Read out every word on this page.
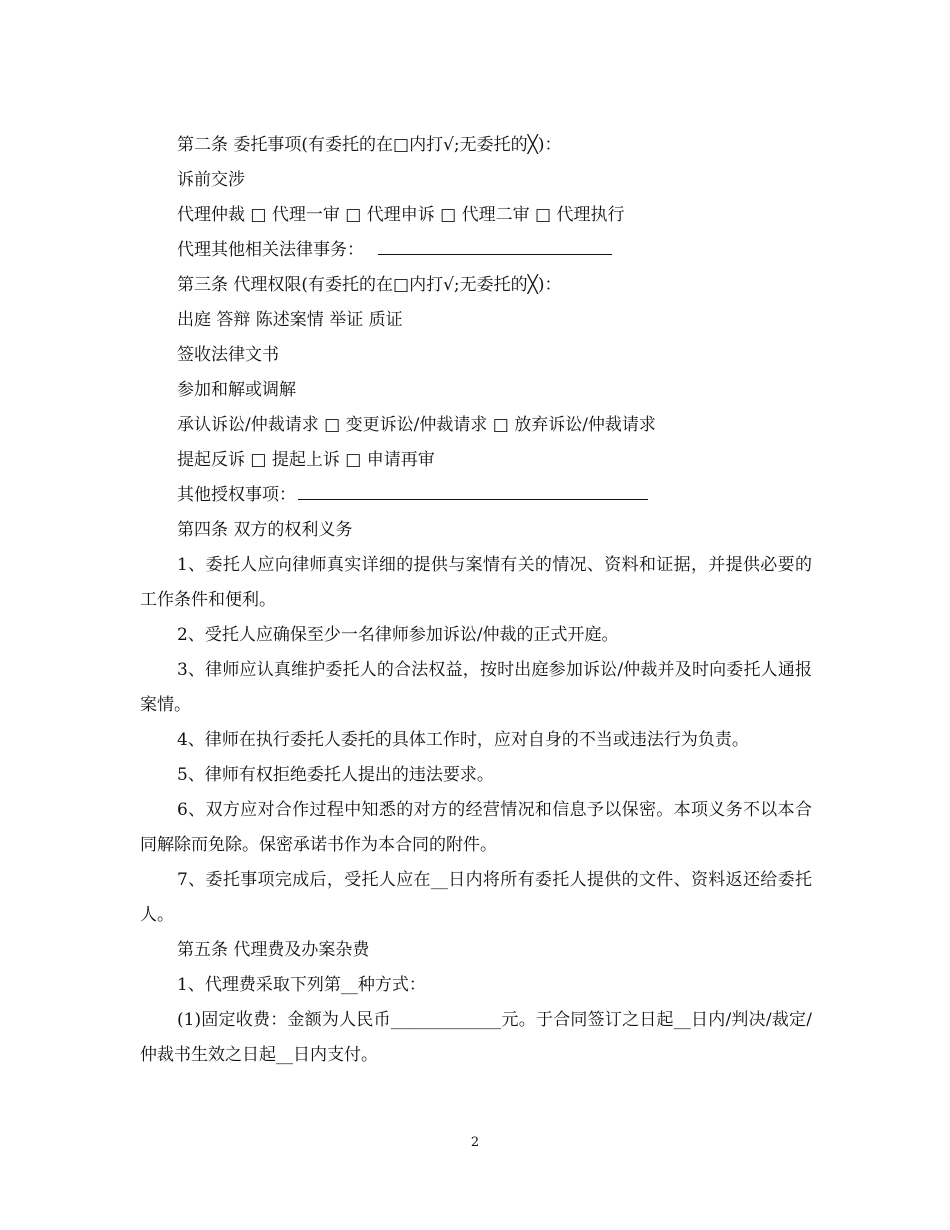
第二条 委托事项(有委托的在□内打√;无委托的╳)：
诉前交涉
代理仲裁 □ 代理一审 □ 代理申诉 □ 代理二审 □ 代理执行
代理其他相关法律事务：
第三条 代理权限(有委托的在□内打√;无委托的╳)：
出庭 答辩 陈述案情 举证 质证
签收法律文书
参加和解或调解
承认诉讼/仲裁请求 □ 变更诉讼/仲裁请求 □ 放弃诉讼/仲裁请求
提起反诉 □ 提起上诉 □ 申请再审
其他授权事项：
第四条 双方的权利义务

1、委托人应向律师真实详细的提供与案情有关的情况、资料和证据，并提供必要的工作条件和便利。

2、受托人应确保至少一名律师参加诉讼/仲裁的正式开庭。

3、律师应认真维护委托人的合法权益，按时出庭参加诉讼/仲裁并及时向委托人通报案情。

4、律师在执行委托人委托的具体工作时，应对自身的不当或违法行为负责。

5、律师有权拒绝委托人提出的违法要求。

6、双方应对合作过程中知悉的对方的经营情况和信息予以保密。本项义务不以本合同解除而免除。保密承诺书作为本合同的附件。

7、委托事项完成后，受托人应在__日内将所有委托人提供的文件、资料返还给委托人。

第五条 代理费及办案杂费

1、代理费采取下列第__种方式：

(1)固定收费：金额为人民币_____________元。于合同签订之日起__日内/判决/裁定/仲裁书生效之日起__日内支付。

2
